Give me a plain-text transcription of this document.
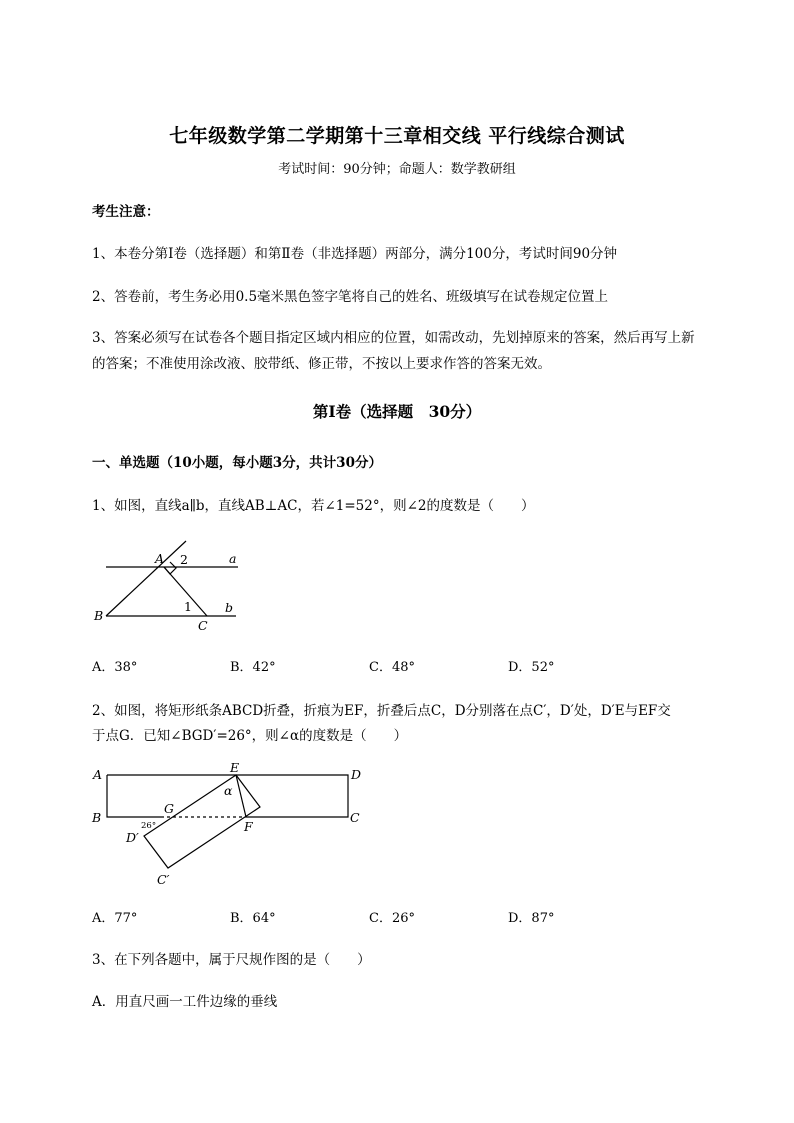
七年级数学第二学期第十三章相交线 平行线综合测试
考试时间：90分钟；命题人：数学教研组
考生注意：
1、本卷分第Ⅰ卷（选择题）和第Ⅱ卷（非选择题）两部分，满分100分，考试时间90分钟
2、答卷前，考生务必用0.5毫米黑色签字笔将自己的姓名、班级填写在试卷规定位置上
3、答案必须写在试卷各个题目指定区域内相应的位置，如需改动，先划掉原来的答案，然后再写上新
的答案；不准使用涂改液、胶带纸、修正带，不按以上要求作答的答案无效。
第Ⅰ卷（选择题　30分）
一、单选题（10小题，每小题3分，共计30分）
1、如图，直线a∥b，直线AB⊥AC，若∠1=52°，则∠2的度数是（　　）
A	a
B
b
C
2
1
A．38°	B．42°	C．48°	D．52°
2、如图，将矩形纸条ABCD折叠，折痕为EF，折叠后点C，D分别落在点C′，D′处，D′E与EF交
于点G．已知∠BGD′=26°，则∠α的度数是（　　）
A	E	D
α
B
G
C
D′
F
C′
26°
A．77°	B．64°	C．26°	D．87°
3、在下列各题中，属于尺规作图的是（　　）
A．用直尺画一工件边缘的垂线
